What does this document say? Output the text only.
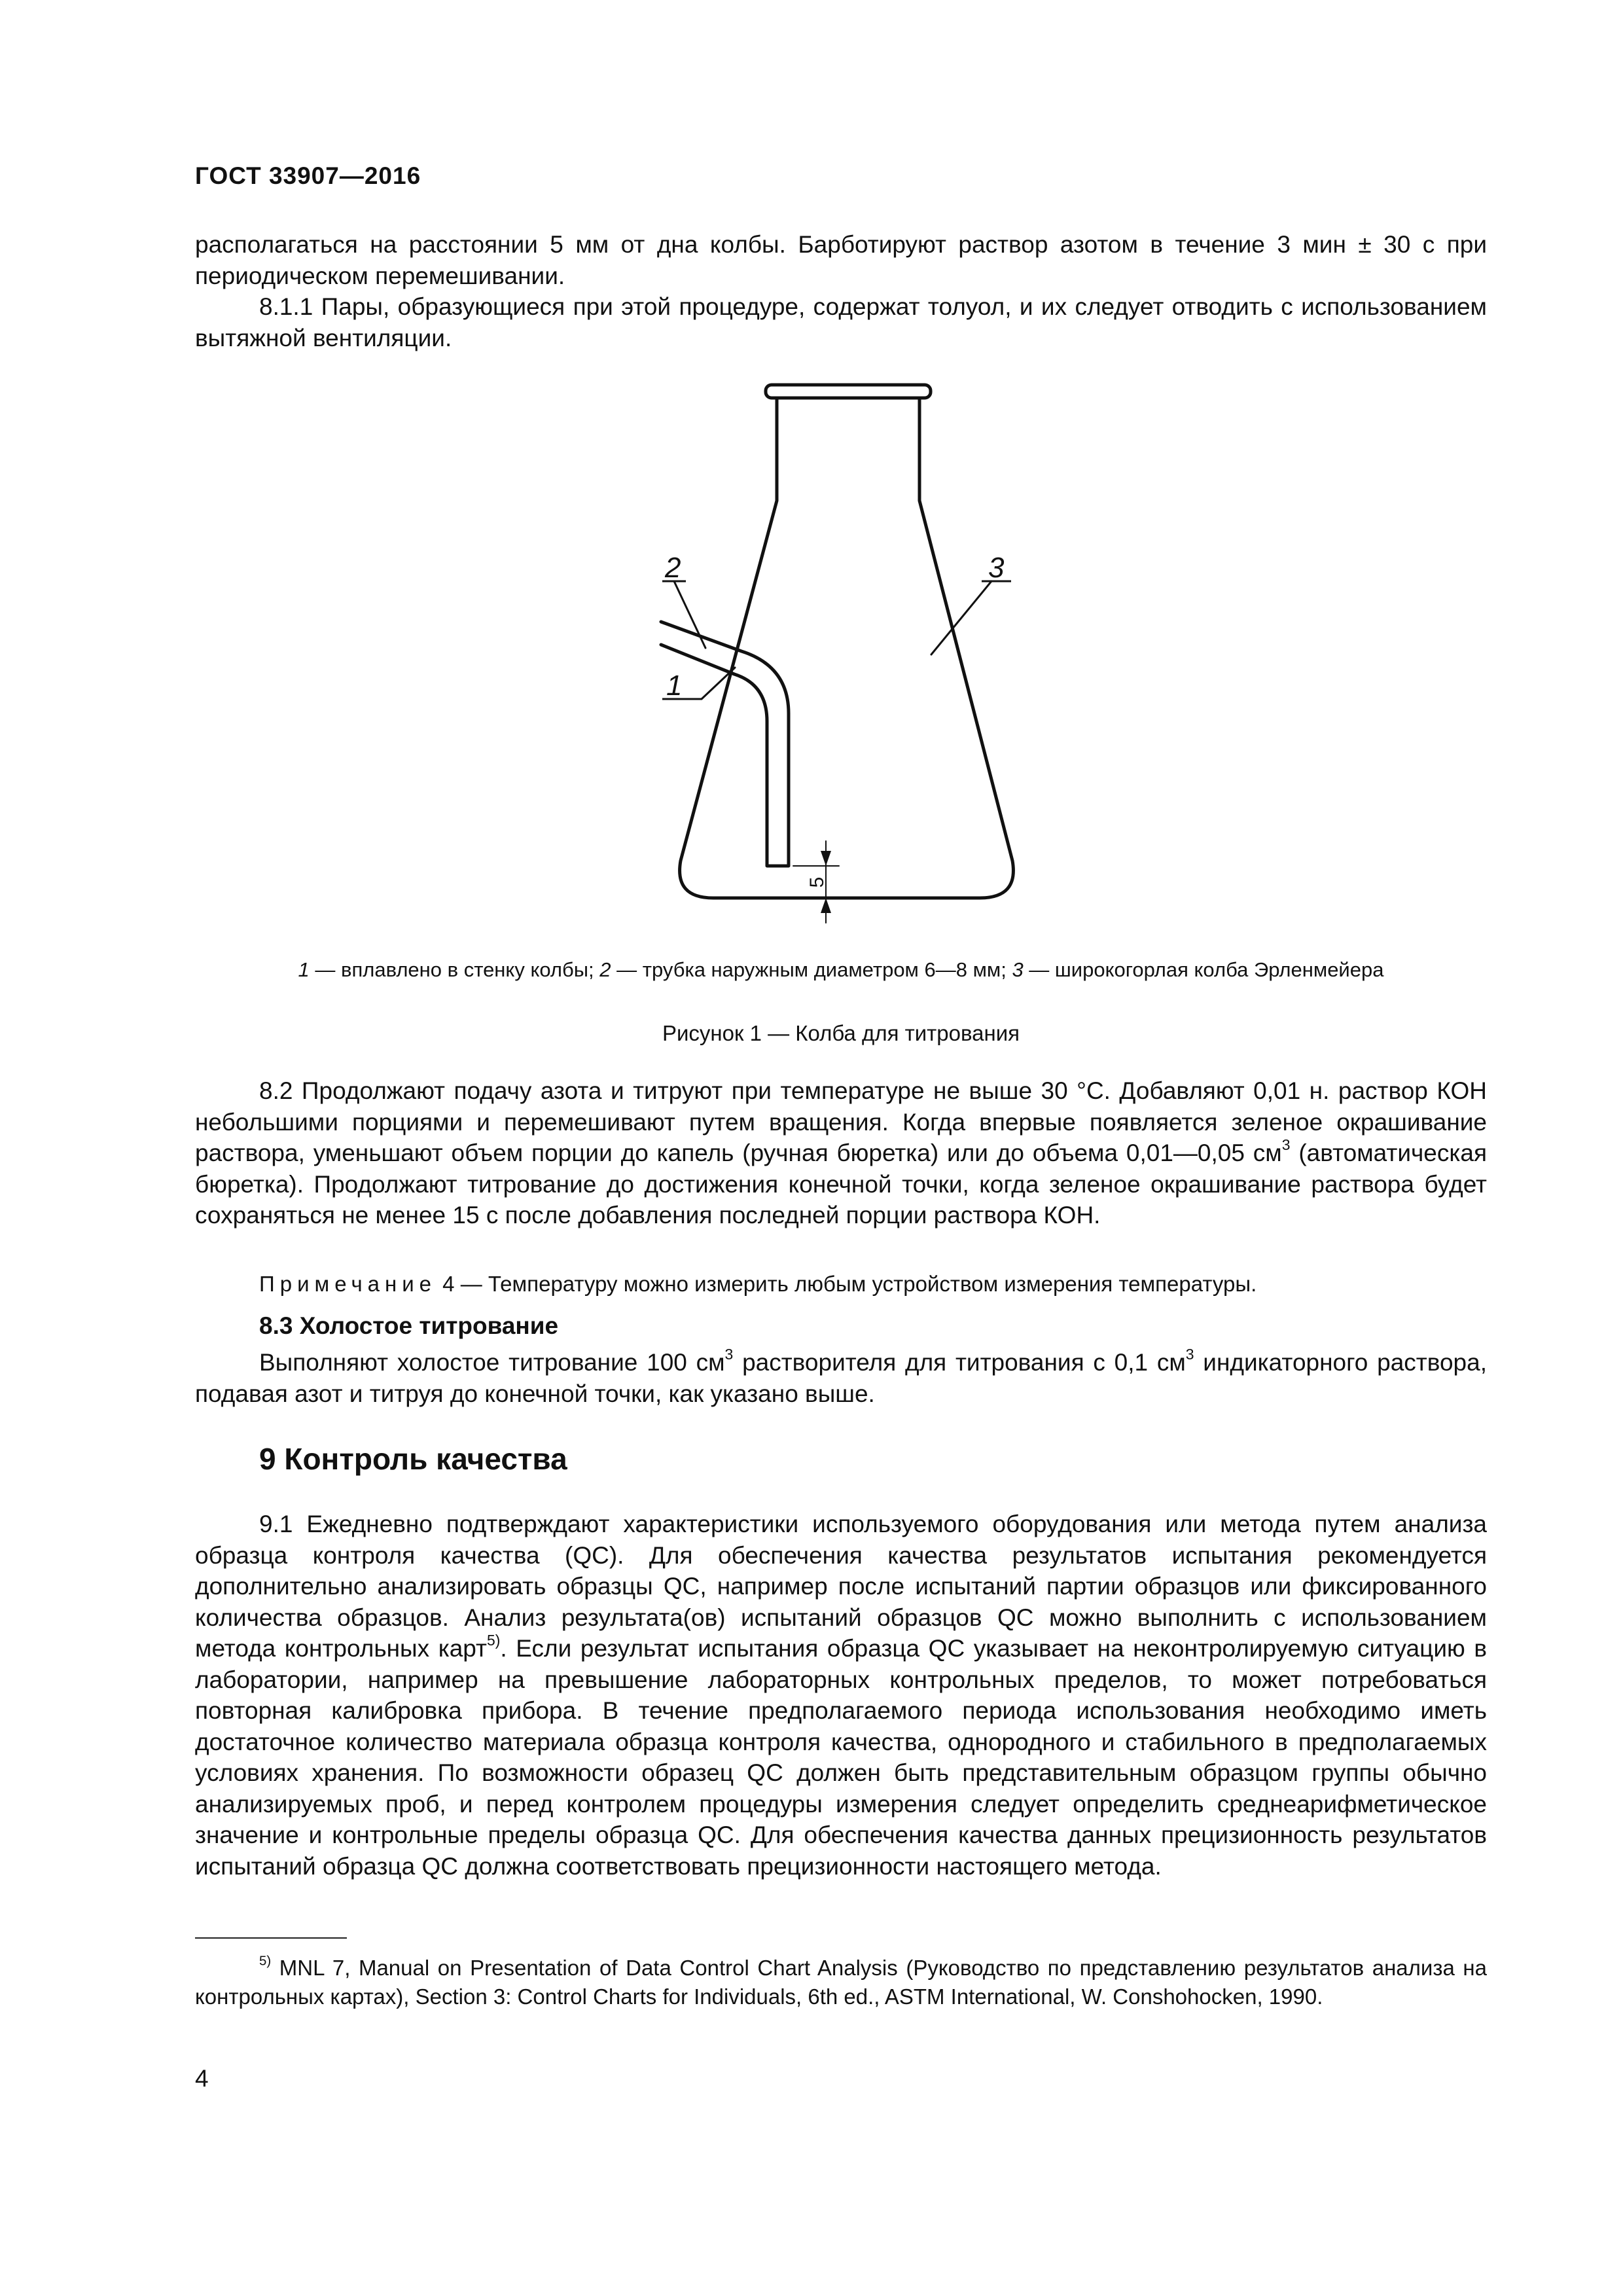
ГОСТ 33907—2016

располагаться на расстоянии 5 мм от дна колбы. Барботируют раствор азотом в течение 3 мин ± 30 с при периодическом перемешивании.

8.1.1 Пары, образующиеся при этой процедуре, содержат толуол, и их следует отводить с использованием вытяжной вентиляции.

2
1
3
5
1 — вплавлено в стенку колбы; 2 — трубка наружным диаметром 6—8 мм; 3 — широкогорлая колба Эрленмейера
Рисунок 1 — Колба для титрования

8.2 Продолжают подачу азота и титруют при температуре не выше 30 °С. Добавляют 0,01 н. раствор КОН небольшими порциями и перемешивают путем вращения. Когда впервые появляется зеленое окрашивание раствора, уменьшают объем порции до капель (ручная бюретка) или до объема 0,01—0,05 $см^3$ (автоматическая бюретка). Продолжают титрование до достижения конечной точки, когда зеленое окрашивание раствора будет сохраняться не менее 15 с после добавления последней порции раствора КОН.

Примечание 4 — Температуру можно измерить любым устройством измерения температуры.
8.3 Холостое титрование

Выполняют холостое титрование 100 $см^3$ растворителя для титрования с 0,1 $см^3$ индикаторного раствора, подавая азот и титруя до конечной точки, как указано выше.

9 Контроль качества

9.1 Ежедневно подтверждают характеристики используемого оборудования или метода путем анализа образца контроля качества (QC). Для обеспечения качества результатов испытания рекомендуется дополнительно анализировать образцы QC, например после испытаний партии образцов или фиксированного количества образцов. Анализ результата(ов) испытаний образцов QC можно выполнить с использованием метода контрольных карт$^{5)}$. Если результат испытания образца QC указывает на неконтролируемую ситуацию в лаборатории, например на превышение лабораторных контрольных пределов, то может потребоваться повторная калибровка прибора. В течение предполагаемого периода использования необходимо иметь достаточное количество материала образца контроля качества, однородного и стабильного в предполагаемых условиях хранения. По возможности образец QC должен быть представительным образцом группы обычно анализируемых проб, и перед контролем процедуры измерения следует определить среднеарифметическое значение и контрольные пределы образца QC. Для обеспечения качества данных прецизионность результатов испытаний образца QC должна соответствовать прецизионности настоящего метода.

$^{5)}$ MNL 7, Manual on Presentation of Data Control Chart Analysis (Руководство по представлению результатов анализа на контрольных картах), Section 3: Control Charts for Individuals, 6th ed., ASTM International, W. Conshohocken, 1990.

4
